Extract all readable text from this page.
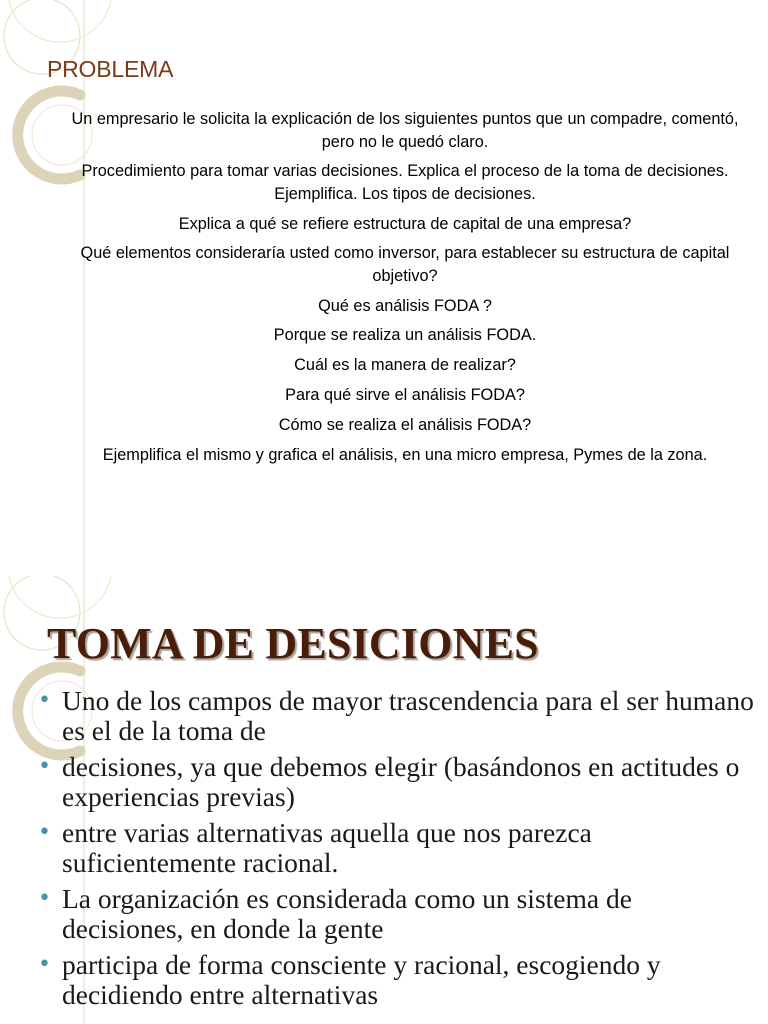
PROBLEMA

Un empresario le solicita la explicación de los siguientes puntos que un compadre, comentó, pero no le quedó claro.

Procedimiento para tomar varias decisiones. Explica el proceso de la toma de decisiones. Ejemplifica. Los tipos de decisiones.

Explica a qué se refiere estructura de capital de una empresa?

Qué elementos consideraría usted como inversor, para establecer su estructura de capital objetivo?

Qué es análisis FODA ?

Porque se realiza un análisis FODA.

Cuál es la manera de realizar?

Para qué sirve el análisis FODA?

Cómo se realiza el análisis FODA?

Ejemplifica el mismo y grafica el análisis, en una micro empresa, Pymes de la zona.

TOMA DE DESICIONES
• Uno de los campos de mayor trascendencia para el ser humano es el de la toma de
• decisiones, ya que debemos elegir (basándonos en actitudes o experiencias previas)
• entre varias alternativas aquella que nos parezca suficientemente racional.
• La organización es considerada como un sistema de decisiones, en donde la gente
• participa de forma consciente y racional, escogiendo y decidiendo entre alternativas
